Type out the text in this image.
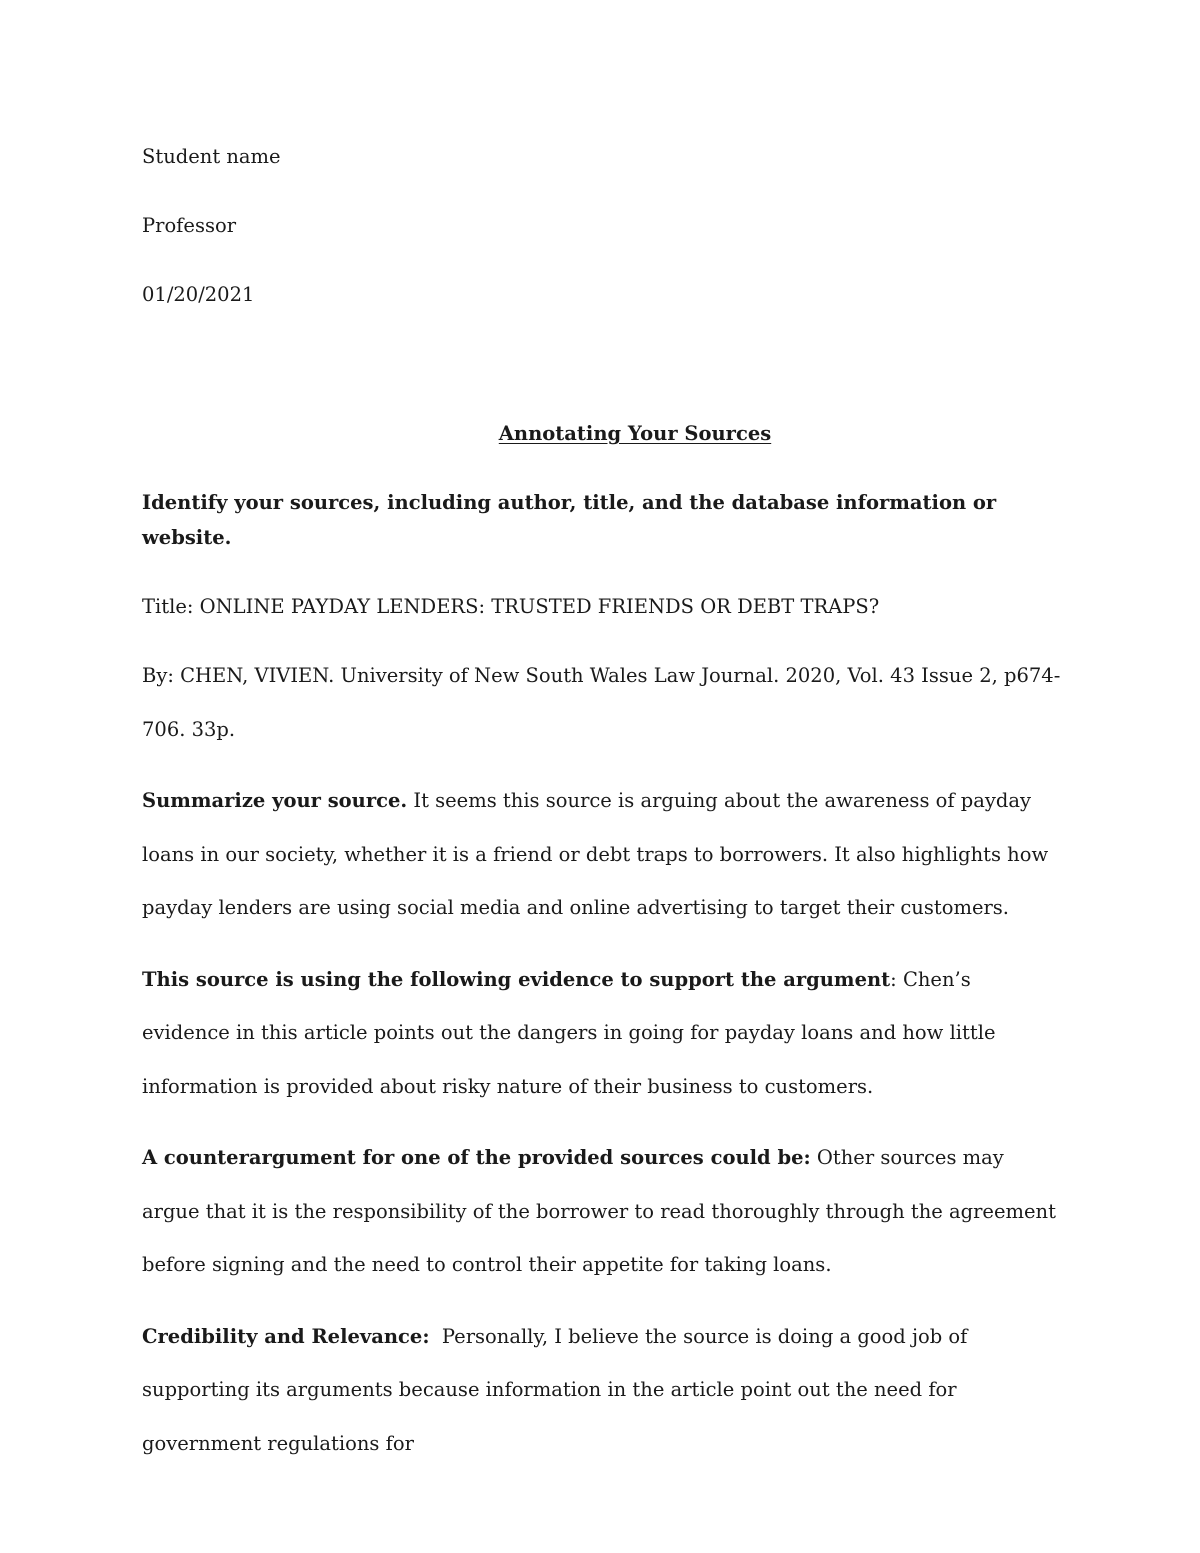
Student name
Professor
01/20/2021
Annotating Your Sources
Identify your sources, including author, title, and the database information or website.
Title: ONLINE PAYDAY LENDERS: TRUSTED FRIENDS OR DEBT TRAPS?
By: CHEN, VIVIEN. University of New South Wales Law Journal. 2020, Vol. 43 Issue 2, p674-706. 33p.
Summarize your source. It seems this source is arguing about the awareness of payday loans in our society, whether it is a friend or debt traps to borrowers. It also highlights how payday lenders are using social media and online advertising to target their customers.
This source is using the following evidence to support the argument: Chen’s evidence in this article points out the dangers in going for payday loans and how little information is provided about risky nature of their business to customers.
A counterargument for one of the provided sources could be: Other sources may argue that it is the responsibility of the borrower to read thoroughly through the agreement before signing and the need to control their appetite for taking loans.
Credibility and Relevance:  Personally, I believe the source is doing a good job of supporting its arguments because information in the article point out the need for government regulations for
